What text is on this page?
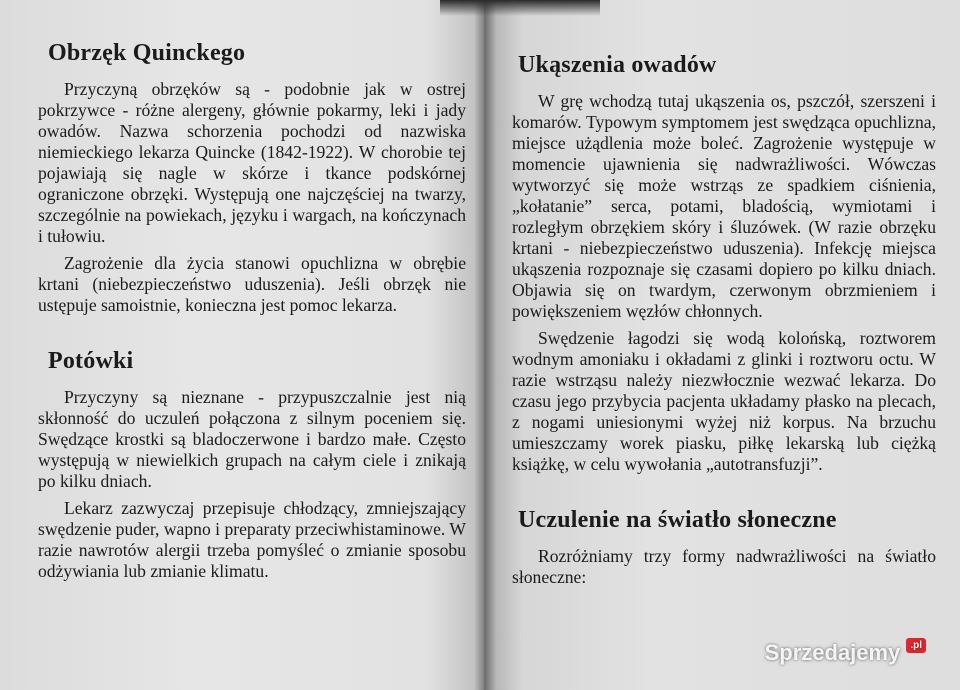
Obrzęk Quinckego

Przyczyną obrzęków są - podobnie jak w ostrej pokrzywce - różne alergeny, głównie pokarmy, leki i jady owadów. Nazwa schorzenia pochodzi od nazwiska niemieckiego lekarza Quincke (1842-1922). W chorobie tej pojawiają się nagle w skórze i tkance podskórnej ograniczone obrzęki. Występują one najczęściej na twarzy, szczególnie na powiekach, języku i wargach, na kończynach i tułowiu.

Zagrożenie dla życia stanowi opuchlizna w obrębie krtani (niebezpieczeństwo uduszenia). Jeśli obrzęk nie ustępuje samoistnie, konieczna jest pomoc lekarza.

Potówki

Przyczyny są nieznane - przypuszczalnie jest nią skłonność do uczuleń połączona z silnym poceniem się. Swędzące krostki są bladoczerwone i bardzo małe. Często występują w niewielkich grupach na całym ciele i znikają po kilku dniach.

Lekarz zazwyczaj przepisuje chłodzący, zmniejszający swędzenie puder, wapno i preparaty przeciwhistaminowe. W razie nawrotów alergii trzeba pomyśleć o zmianie sposobu odżywiania lub zmianie klimatu.

Ukąszenia owadów

W grę wchodzą tutaj ukąszenia os, pszczół, szerszeni i komarów. Typowym symptomem jest swędząca opuchlizna, miejsce użądlenia może boleć. Zagrożenie występuje w momencie ujawnienia się nadwrażliwości. Wówczas wytworzyć się może wstrząs ze spadkiem ciśnienia, „kołatanie” serca, potami, bladością, wymiotami i rozległym obrzękiem skóry i śluzówek. (W razie obrzęku krtani - niebezpieczeństwo uduszenia). Infekcję miejsca ukąszenia rozpoznaje się czasami dopiero po kilku dniach. Objawia się on twardym, czerwonym obrzmieniem i powiększeniem węzłów chłonnych.

Swędzenie łagodzi się wodą kolońską, roztworem wodnym amoniaku i okładami z glinki i roztworu octu. W razie wstrząsu należy niezwłocznie wezwać lekarza. Do czasu jego przybycia pacjenta układamy płasko na plecach, z nogami uniesionymi wyżej niż korpus. Na brzuchu umieszczamy worek piasku, piłkę lekarską lub ciężką książkę, w celu wywołania „autotransfuzji”.

Uczulenie na światło słoneczne

Rozróżniamy trzy formy nadwrażliwości na światło słoneczne:

Sprzedajemy	.pl
